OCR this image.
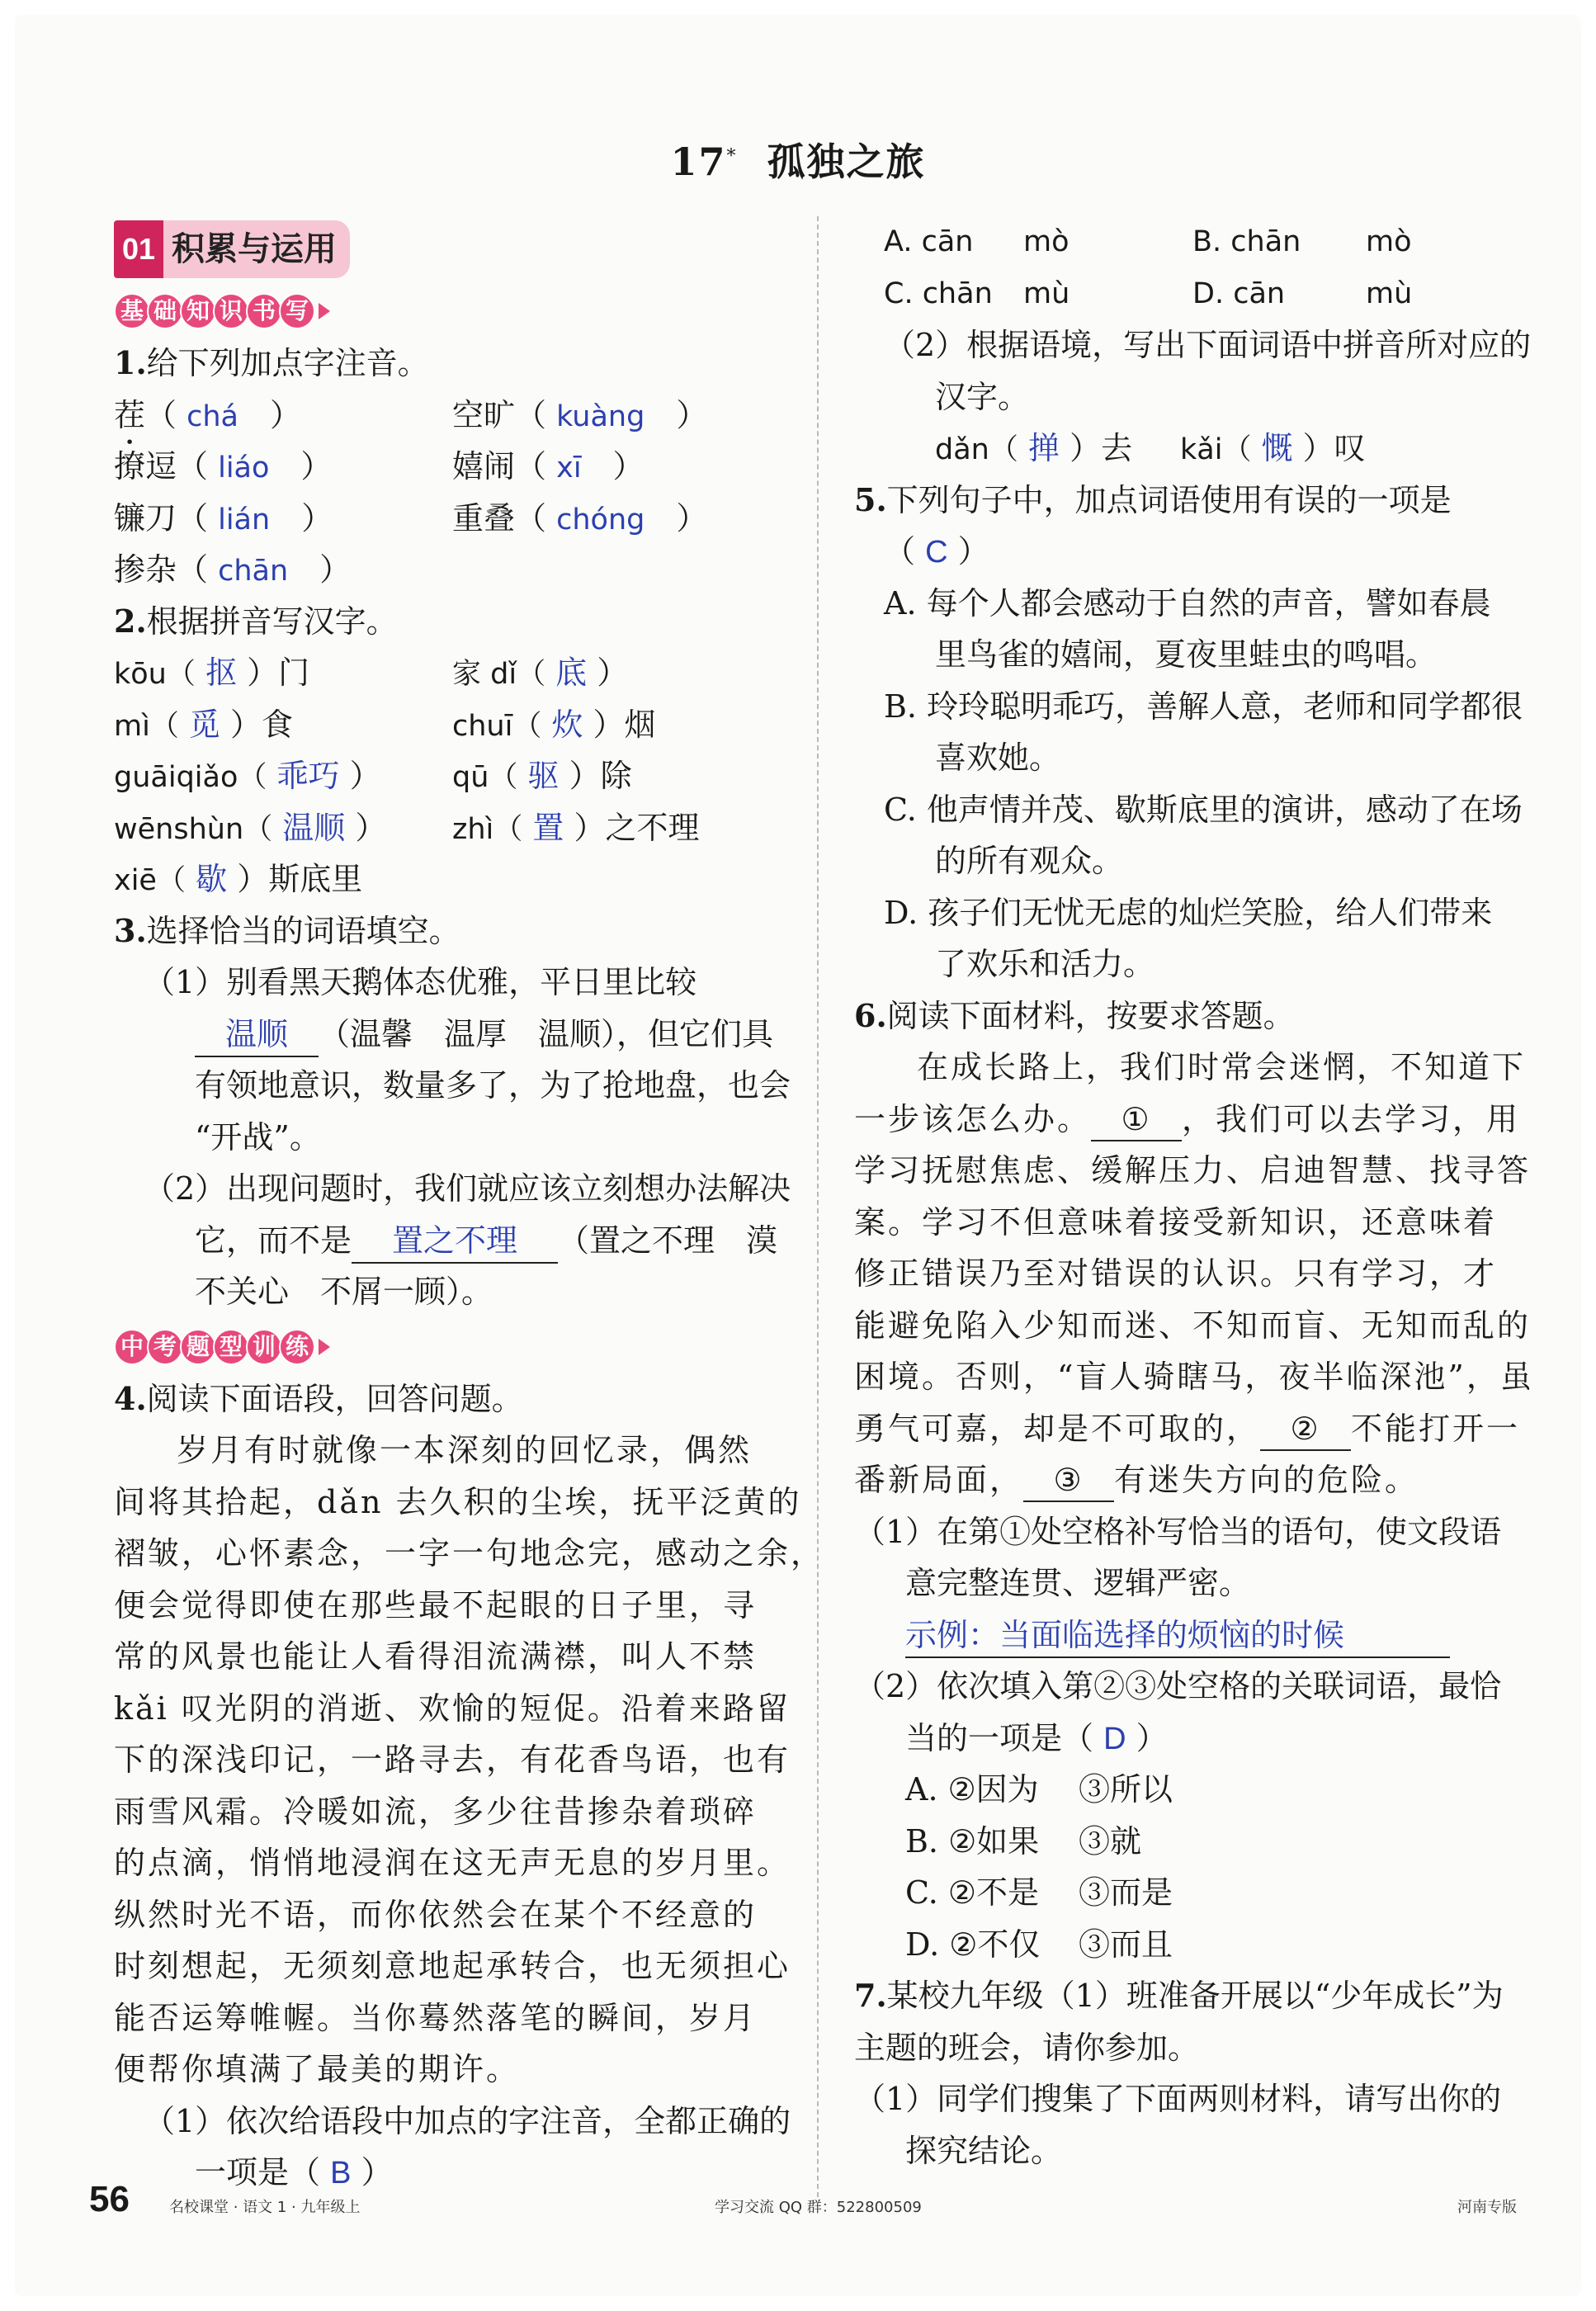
17* 孤独之旅
01 积累与运用
基 础 知 识 书 写
1.给下列加点字注音。
茬（ chá　）	空旷（ kuàng　）
撩逗（ liáo　）	嬉闹（ xī　）
镰刀（ lián　）	重叠（ chóng　）
掺杂（ chān　）
2.根据拼音写汉字。
kōu（ 抠 ）门	家 dǐ（ 底 ）
mì（ 觅 ）食	chuī（ 炊 ）烟
guāiqiǎo（ 乖巧 ） qū（ 驱 ）除
wēnshùn（ 温顺 ） zhì（ 置 ）之不理
xiē（ 歇 ）斯底里
3.选择恰当的词语填空。
（1）别看黑天鹅体态优雅，平日里比较
温顺 （温馨　温厚　温顺），但它们具
有领地意识，数量多了，为了抢地盘，也会
“开战”。
（2）出现问题时，我们就应该立刻想办法解决
它，而不是 置之不理 （置之不理　漠
不关心　不屑一顾）。
中 考 题 型 训 练
4.阅读下面语段，回答问题。
岁月有时就像一本深刻的回忆录，偶然
间将其拾起，dǎn 去久积的尘埃，抚平泛黄的
褶皱，心怀素念，一字一句地念完，感动之余，
便会觉得即使在那些最不起眼的日子里，寻
常的风景也能让人看得泪流满襟，叫人不禁
kǎi 叹光阴的消逝、欢愉的短促。沿着来路留
下的深浅印记，一路寻去，有花香鸟语，也有
雨雪风霜。冷暖如流，多少往昔掺杂着琐碎
的点滴，悄悄地浸润在这无声无息的岁月里。
纵然时光不语，而你依然会在某个不经意的
时刻想起，无须刻意地起承转合，也无须担心
能否运筹帷幄。当你蓦然落笔的瞬间，岁月
便帮你填满了最美的期许。
（1）依次给语段中加点的字注音，全都正确的
一项是（ B ）
A. cān mò	B. chān mò
C. chān mù	D. cān	mù
（2）根据语境，写出下面词语中拼音所对应的
汉字。
dǎn（ 掸 ）去 kǎi（ 慨 ）叹
5.下列句子中，加点词语使用有误的一项是
（ C ）
A. 每个人都会感动于自然的声音，譬如春晨
里鸟雀的嬉闹，夏夜里蛙虫的鸣唱。
B. 玲玲聪明乖巧，善解人意，老师和同学都很
喜欢她。
C. 他声情并茂、歇斯底里的演讲，感动了在场
的所有观众。
D. 孩子们无忧无虑的灿烂笑脸，给人们带来
了欢乐和活力。
6.阅读下面材料，按要求答题。
在成长路上，我们时常会迷惘，不知道下
一步该怎么办。 ① ，我们可以去学习，用
学习抚慰焦虑、缓解压力、启迪智慧、找寻答
案。学习不但意味着接受新知识，还意味着
修正错误乃至对错误的认识。只有学习，才
能避免陷入少知而迷、不知而盲、无知而乱的
困境。否则，“盲人骑瞎马，夜半临深池”，虽
勇气可嘉，却是不可取的， ② 不能打开一
番新局面， ③ 有迷失方向的危险。
（1）在第①处空格补写恰当的语句，使文段语
意完整连贯、逻辑严密。
示例：当面临选择的烦恼的时候
（2）依次填入第②③处空格的关联词语，最恰
当的一项是（ D ）
A. ②因为 ③所以
B. ②如果 ③就
C. ②不是 ③而是
D. ②不仅 ③而且
7.某校九年级（1）班准备开展以“少年成长”为
主题的班会，请你参加。
（1）同学们搜集了下面两则材料，请写出你的
探究结论。
56	名校课堂 · 语文 1 · 九年级上	学习交流 QQ 群：522800509	河南专版
